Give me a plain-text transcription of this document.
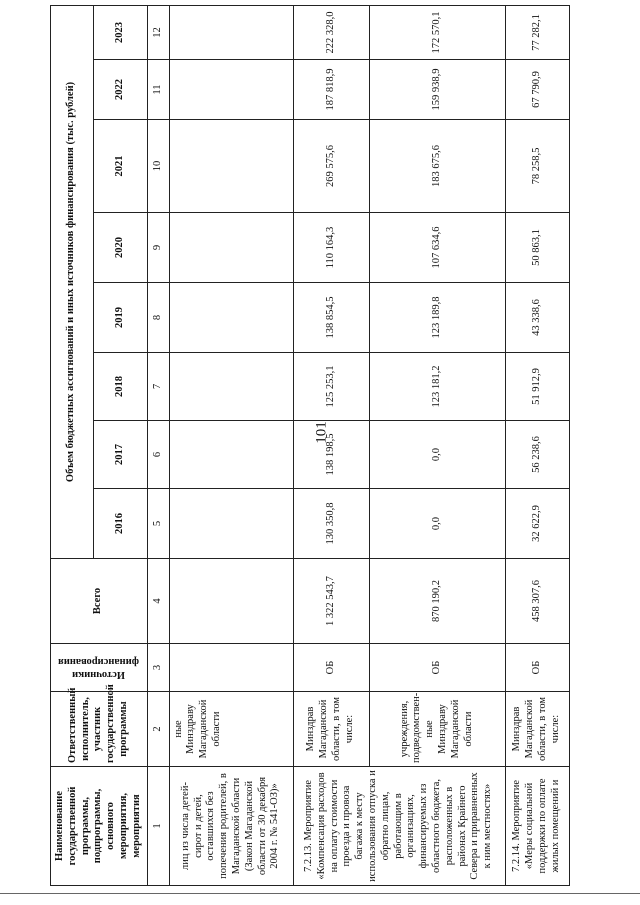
101
Наименование государственной программы, подпрограммы, основного мероприятия, мероприятия	Ответственный исполнитель, участник государственной программы	Источники финансирования	Всего	Объем бюджетных ассигнований и иных источников финансирования (тыс. рублей)							
				2016	2017	2018	2019	2020	2021	2022	2023
1	2	3	4	5	6	7	8	9	10	11	12
лиц из числа детей-сирот и детей, оставшихся без попечения родителей, в Магаданской области (Закон Магаданской области от 30 декабря 2004 г. № 541-ОЗ)»	ные Минздраву Магаданской области										
7.2.13. Мероприятие «Компенсация расходов на оплату стоимости проезда и провоза багажа к месту использования отпуска и обратно лицам, работающим в организациях, финансируемых из областного бюджета, расположенных в районах Крайнего Севера и приравненных к ним местностях»	Минздрав Магаданской области, в том числе:	ОБ	1 322 543,7	130 350,8	138 198,5	125 253,1	138 854,5	110 164,3	269 575,6	187 818,9	222 328,0
	учреждения, подведомствен-ные Минздраву Магаданской области	ОБ	870 190,2	0,0	0,0	123 181,2	123 189,8	107 634,6	183 675,6	159 938,9	172 570,1
7.2.14. Мероприятие «Меры социальной поддержки по оплате жилых помещений и	Минздрав Магаданской области, в том числе:	ОБ	458 307,6	32 622,9	56 238,6	51 912,9	43 338,6	50 863,1	78 258,5	67 790,9	77 282,1
